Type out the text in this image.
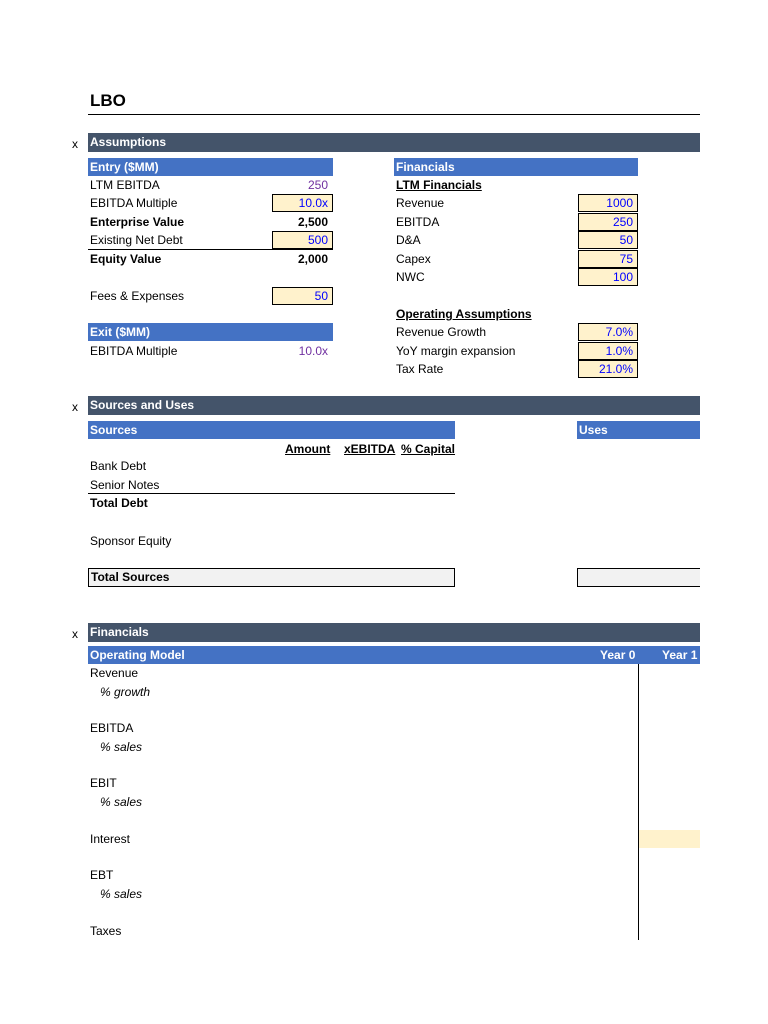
LBO
x Assumptions
Entry ($MM)
LTM EBITDA	250
EBITDA Multiple	10.0x
Enterprise Value	2,500
Existing Net Debt	500
Equity Value	2,000
Fees & Expenses	50
Exit ($MM)
EBITDA Multiple	10.0x
Financials
LTM Financials
Revenue	1000
EBITDA	250
D&A	50
Capex	75
NWC	100
Operating Assumptions
Revenue Growth	7.0%
YoY margin expansion	1.0%
Tax Rate	21.0%
x Sources and Uses
Sources	Uses
Amount xEBITDA % Capital
Bank Debt
Senior Notes
Total Debt
Sponsor Equity
Total Sources
x Financials
Operating Model	Year 0 Year 1
Revenue
% growth
EBITDA
% sales
EBIT
% sales
Interest
EBT
% sales
Taxes
